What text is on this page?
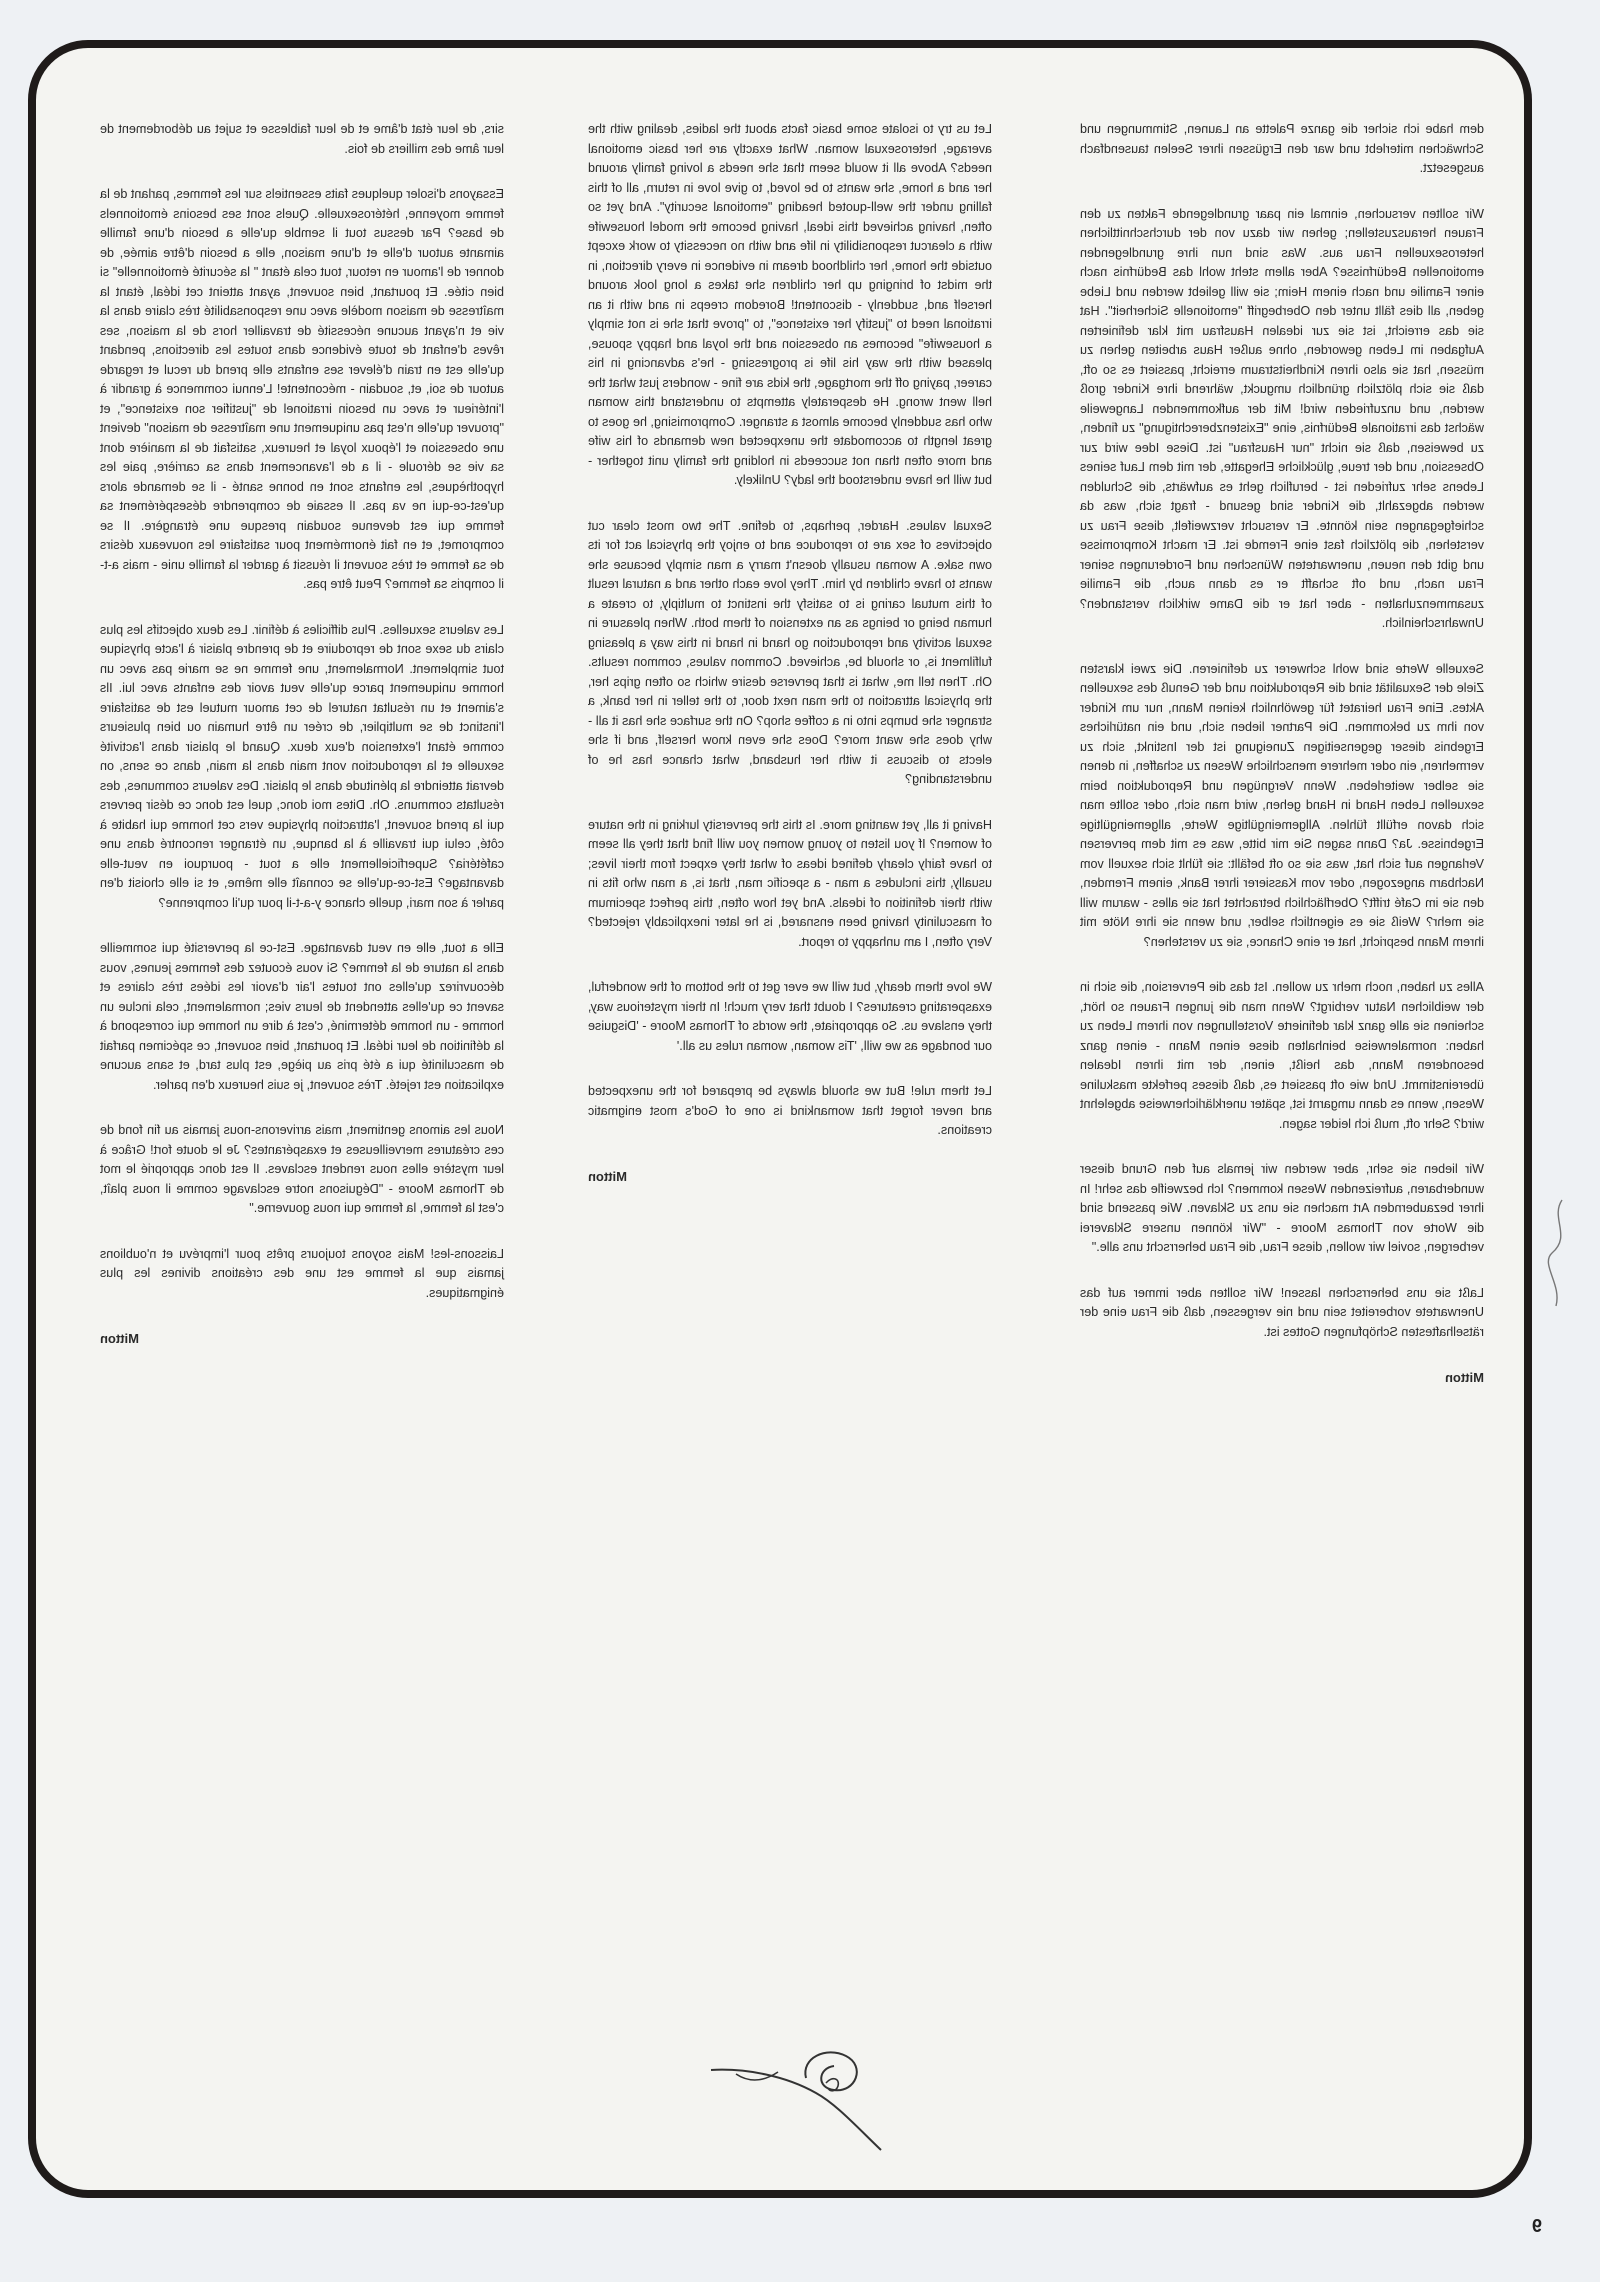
dem habe ich sicher die ganze Palette an Launen, Stimmungen und Schwächen miterlebt und war den Ergüssen ihrer Seelen tausendfach ausgesetzt.

Wir sollten versuchen, einmal ein paar grundlegende Fakten zu den Frauen herauszustellen; gehen wir dazu von der durchschnittlichen heterosexuellen Frau aus. Was sind nun ihre grundlegenden emotionellen Bedürfnisse? Aber allem steht wohl das Bedürfnis nach einer Familie und nach einem Heim; sie will geliebt werden und Liebe geben, all dies fällt unter den Oberbegriff "emotionelle Sicherheit". Hat sie das erreicht, ist sie zur idealen Hausfrau mit klar definierten Aufgaben im Leben geworden, ohne außer Haus arbeiten gehen zu müssen, hat sie also ihren Kindheitstraum erreicht, passiert es so oft, daß sie sich plötzlich gründlich umguckt, während ihre Kinder groß werden, und unzufrieden wird! Mit der aufkommenden Langeweile wächst das irrationale Bedürfnis, eine "Existenzberechtigung" zu finden, zu beweisen, daß sie nicht "nur Hausfrau" ist. Diese Idee wird zur Obsession, und der treue, glückliche Ehegatte, der mit dem Lauf seines Lebens sehr zufrieden ist - beruflich geht es aufwärts, die Schulden werden abgezahlt, die Kinder sind gesund - fragt sich, was da schiefgegangen sein könnte. Er versucht verzweifelt, diese Frau zu verstehen, die plötzlich fast eine Fremde ist. Er macht Kompromisse und gibt den neuen, unerwarteten Wünschen und Forderungen seiner Frau nach, und oft schafft er es dann auch, die Familie zusammenzuhalten - aber hat er die Dame wirklich verstanden? Unwahrscheinlich.

Sexuelle Werte sind wohl schwerer zu definieren. Die zwei klarsten Ziele der Sexualität sind die Reproduktion und der Genuß des sexuellen Aktes. Eine Frau heiratet für gewöhnlich keinen Mann, nur um Kinder von ihm zu bekommen. Die Partner lieben sich, und ein natürliches Ergebnis dieser gegenseitigen Zuneigung ist der Instinkt, sich zu vermehren, ein oder mehrere menschliche Wesen zu schaffen, in denen sie selber weiterleben. Wenn Vergnügen und Reproduktion beim sexuellen Leben Hand in Hand gehen, wird man sich, oder sollte man sich davon erfüllt fühlen. Allgemeingültige Werte, allgemeingültige Ergebnisse. Ja? Dann sagen Sie mir bitte, was es mit dem perversen Verlangen auf sich hat, was sie so oft befällt: sie fühlt sich sexuell vom Nachbarn angezogen, oder vom Kassierer ihrer Bank, einem Fremden, den sie im Café trifft? Oberflächlich betrachtet hat sie alles - warum will sie mehr? Weiß sie es eigentlich selber, und wenn sie ihre Nöte mit ihrem Mann bespricht, hat er eine Chance, sie zu verstehen?

Alles zu haben, noch mehr zu wollen. Ist das die Perversion, die sich in der weiblichen Natur verbirgt? Wenn man die jungen Frauen so hört, scheinen sie alle ganz klar definierte Vorstellungen von ihrem Leben zu haben: normalerweise beinhalten diese einen Mann - einen ganz besonderen Mann, das heißt, einen, der mit ihren Idealen übereinstimmt. Und wie oft passiert es, daß dieses perfekte maskuline Wesen, wenn es dann umgarnt ist, später unerklärlicherweise abgelehnt wird? Sehr oft, muß ich leider sagen.

Wir lieben sie sehr, aber werden wir jemals auf den Grund dieser wunderbaren, aufreizenden Wesen kommen? Ich bezweifle das sehr! In ihrer bezaubernden Art machen sie uns zu Sklaven. Wie passend sind die Worte von Thomas Moore - "Wir können unsere Sklaverei verbergen, soviel wir wollen, diese Frau, die Frau beherrscht uns alle."

Laßt sie uns beherrschen lassen! Wir sollten aber immer auf das Unerwartete vorbereitet sein und nie vergessen, daß die Frau eine der rätselhaftesten Schöpfungen Gottes ist.

Mitton

Let us try to isolate some basic facts about the ladies, dealing with the average, heterosexual woman. What exactly are her basic emotional needs? Above all it would seem that she needs a loving family around her and a home, she wants to be loved, to give love in return, all of this falling under the well-quoted heading "emotional security". And yet so often, having achieved this ideal, having become the model housewife with a clearcut responsibility in life and with no necessity to work except outside the home, her childhood dream in evidence in every direction, in the midst of bringing up her children she takes a long look around herself and, suddenly - discontent! Boredom creeps in and with it an irrational need to "justify her existence", to "prove that she is not simply a housewife" becomes an obsession and the loyal and happy spouse, pleased with the way his life is progressing - he's advancing in his career, paying off the mortgage, the kids are fine - wonders just what the hell went wrong. He desperately attempts to understand this woman who has suddenly become almost a stranger. Compromising, he goes to great length to accomodate the unexpected new demands of his wife and more often than not succeeds in holding the family unit together - but will he have understood the lady? Unlikely.

Sexual values. Harder, perhaps, to define. The two most clear cut objectives of sex are to reproduce and to enjoy the physical act for its own sake. A woman usually doesn't marry a man simply because she wants to have children by him. They love each other and a natural result of this mutual caring is to satisfy the instinct to multiply, to create a human being or beings as an extension of them both. When pleasure in sexual activity and reproduction go hand in hand in this way a pleasing fulfilment is, or should be, achieved. Common values, common results. Oh. Then tell me, what is that perverse desire which so often grips her, the physical attraction to the man next door, to the teller in her bank, a stranger she bumps into in a coffee shop? On the surface she has it all - why does she want more? Does she even know herself, and if she elects to discuss it with her husband, what chance has he of understanding?

Having it all, yet wanting more. Is this the perversity lurking in the nature of women? If you listen to young women you will find that they all seem to have fairly clearly defined ideas of what they expect from their lives; usually, this includes a man - a specific man, that is, a man who fits in with their definition of ideals. And yet how often, this perfect specimum of masculinity having been ensnared, is he later inexplicably rejected? Very often, I am unhappy to report.

We love them dearly, but will we ever get to the bottom of the wonderful, exasperating creatures? I doubt that very much! In their mysterious way, they enslave us. So appropriate, the words of Thomas Moore - 'Disguise our bondage as we will, 'Tis woman, woman rules us all.'

Let them rule! But we should always be prepared for the unexpected and never forget that womankind is one of God's most enigmatic creations.

Mitton

sirs, de leur état d'âme et de leur faiblesse et sujet au débordement de leur âme des milliers de fois.

Essayons d'isoler quelques faits essentiels sur les femmes, parlant de la femme moyenne, hétérosexuelle. Quels sont ses besoins émotionnels de base? Par dessus tout il semble qu'elle a besoin d'une famille aimante autour d'elle et d'une maison, elle a besoin d'être aimée, de donner de l'amour en retour, tout cela étant " la sécurité émotionnelle" si bien citée. Et pourtant, bien souvent, ayant atteint cet idéal, étant la maîtresse de maison modèle avec une responsabilité très claire dans la vie et n'ayant aucune nécessité de travailler hors de la maison, ses rêves d'enfant de toute évidence dans toutes les directions, pendant qu'elle est en train d'élever ses enfants elle prend du recul et regarde autour de soi, et, soudain - mécontente! L'ennui commence à grandir à l'intérieur et avec un besoin irrationel de "justifier son existence", et "prouver qu'elle n'est pas uniquement une maîtresse de maison" devient une obsession et l'époux loyal et heureux, satisfait de la manière dont sa vie se déroule - il a de l'avancement dans sa carrière, paie les hypothèques, les enfants sont en bonne santé - il se demande alors qu'est-ce-qui ne va pas. Il essaie de comprendre désespérément sa femme qui est devenue soudain presque une étrangère. Il se compromet, et en fait énormément pour satisfaire les nouveaux désirs de sa femme et très souvent il réussit à garder la famille unie - mais a-t-il compris sa femme? Peut être pas.

Les valeurs sexuelles. Plus difficiles à définir. Les deux objectifs les plus clairs du sexe sont de reproduire et de prendre plaisir à l'acte physique tout simplement. Normalement, une femme ne se marie pas avec un homme uniquement parce qu'elle veut avoir des enfants avec lui. Ils s'aiment et un résultat naturel de cet amour mutuel est de satisfaire l'instinct de se multiplier, de créer un être humain ou bien plusieurs comme étant l'extension d'eux deux. Quand le plaisir dans l'activité sexuelle et la reproduction vont main dans la main, dans ce sens, on devrait atteindre la plénitude dans le plaisir. Des valeurs communes, des résultats communs. Oh. Dites moi donc, quel est donc ce désir pervers qui la prend souvent, l'attraction physique vers cet homme qui habite à côté, celui qui travaille à la banque, un étranger rencontré dans une cafétéria? Superficiellement elle a tout - pourquoi en veut-elle davantage? Est-ce-qu'elle se connaît elle même, et si elle choisit d'en parler à son mari, quelle chance y-a-t-il pour qu'il comprenne?

Elle a tout, elle en veut davantage. Est-ce la perversité qui sommeille dans la nature de la femme? Si vous écoutez des femmes jeunes, vous découvrirez qu'elles ont toutes l'air d'avoir les idées très claires et savent ce qu'elles attendent de leurs vies; normalement, cela inclue un homme - un homme déterminé, c'est à dire un homme qui correspond à la définition de leur idéal. Et pourtant, bien souvent, ce spécimen parfait de masculinité qui a été pris au piège, est plus tard, et sans aucune explication est rejeté. Très souvent, je suis heureux d'en parler.

Nous les aimons gentiment, mais arriverons-nous jamais au fin fond de ces créatures merveilleuses et exaspérantes? Je le doute fort! Grâce à leur mystère elles nous rendent esclaves. Il est donc approprié le mot de Thomas Moore - "Déguisons notre esclavage comme il nous plaît, c'est la femme, la femme qui nous gouverne."

Laissons-les! Mais soyons toujours prêts pour l'imprévu et n'oublions jamais que la femme est une des créations divines les plus énigmatiques.

Mitton
9
